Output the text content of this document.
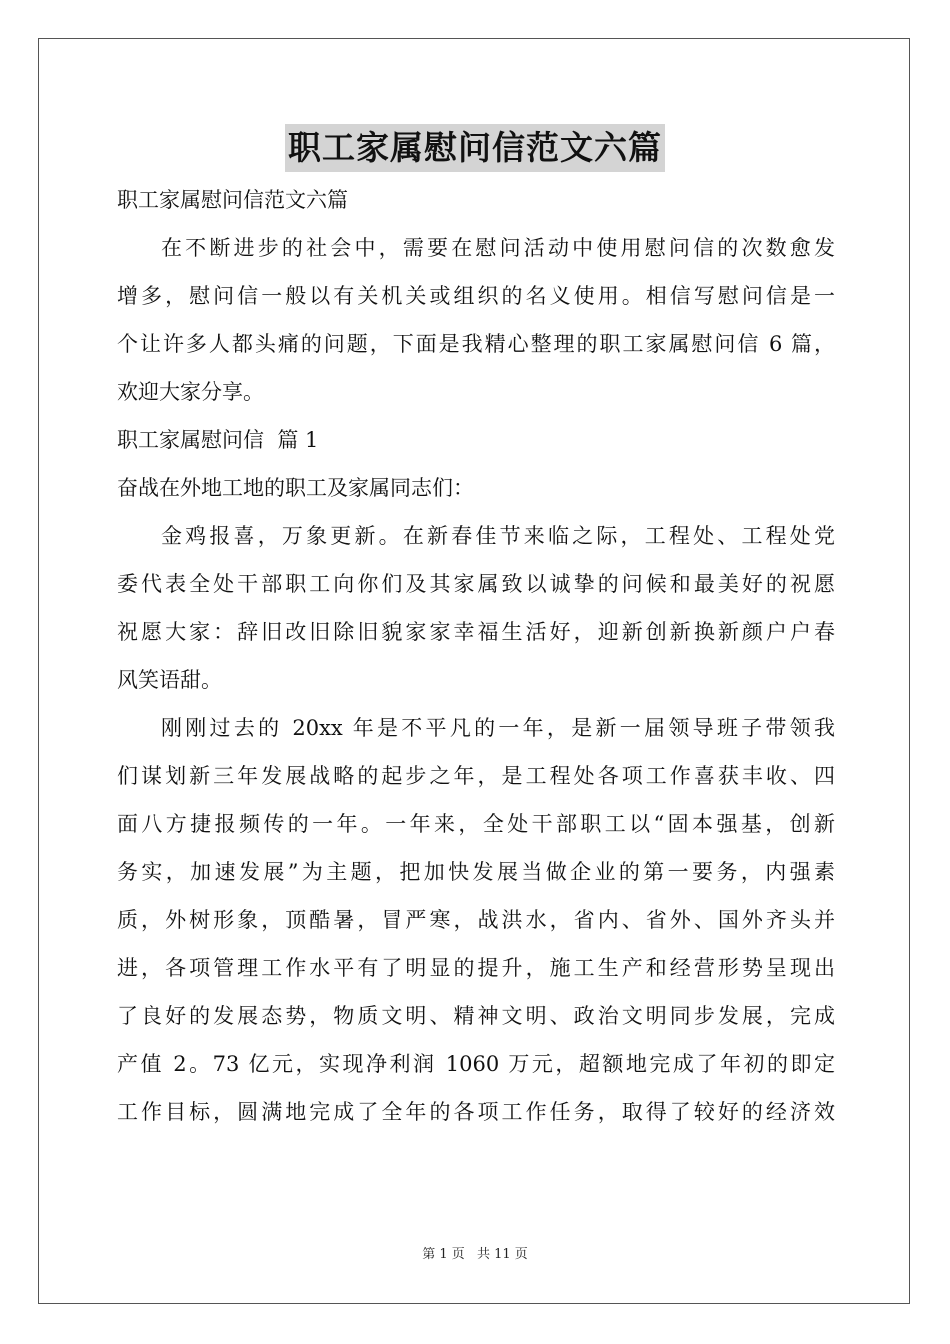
职工家属慰问信范文六篇
职工家属慰问信范文六篇
在不断进步的社会中，需要在慰问活动中使用慰问信的次数愈发
增多，慰问信一般以有关机关或组织的名义使用。相信写慰问信是一
个让许多人都头痛的问题，下面是我精心整理的职工家属慰问信 6 篇，
欢迎大家分享。
职工家属慰问信  篇 1
奋战在外地工地的职工及家属同志们：
金鸡报喜，万象更新。在新春佳节来临之际，工程处、工程处党
委代表全处干部职工向你们及其家属致以诚挚的问候和最美好的祝愿
祝愿大家：辞旧改旧除旧貌家家幸福生活好，迎新创新换新颜户户春
风笑语甜。
刚刚过去的 20xx 年是不平凡的一年，是新一届领导班子带领我
们谋划新三年发展战略的起步之年，是工程处各项工作喜获丰收、四
面八方捷报频传的一年。一年来，全处干部职工以“固本强基，创新
务实，加速发展”为主题，把加快发展当做企业的第一要务，内强素
质，外树形象，顶酷暑，冒严寒，战洪水，省内、省外、国外齐头并
进，各项管理工作水平有了明显的提升，施工生产和经营形势呈现出
了良好的发展态势，物质文明、精神文明、政治文明同步发展，完成
产值 2。73 亿元，实现净利润 1060 万元，超额地完成了年初的即定
工作目标，圆满地完成了全年的各项工作任务，取得了较好的经济效
第 1 页 共 11 页
